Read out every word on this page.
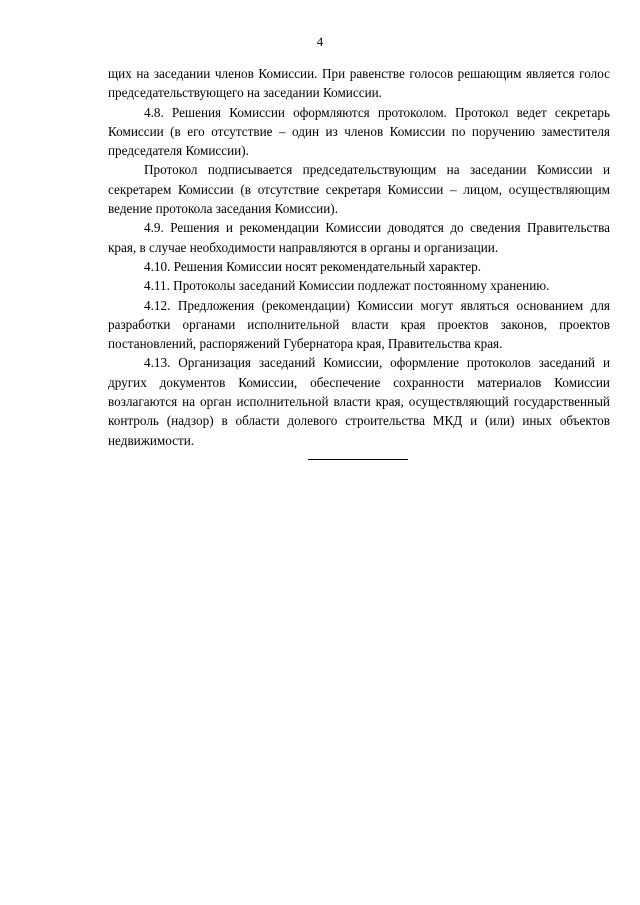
4

щих на заседании членов Комиссии. При равенстве голосов решающим является голос председательствующего на заседании Комиссии.

4.8. Решения Комиссии оформляются протоколом. Протокол ведет секретарь Комиссии (в его отсутствие – один из членов Комиссии по поручению заместителя председателя Комиссии).

Протокол подписывается председательствующим на заседании Комиссии и секретарем Комиссии (в отсутствие секретаря Комиссии – лицом, осуществляющим ведение протокола заседания Комиссии).

4.9. Решения и рекомендации Комиссии доводятся до сведения Правительства края, в случае необходимости направляются в органы и организации.

4.10. Решения Комиссии носят рекомендательный характер.

4.11. Протоколы заседаний Комиссии подлежат постоянному хранению.

4.12. Предложения (рекомендации) Комиссии могут являться основанием для разработки органами исполнительной власти края проектов законов, проектов постановлений, распоряжений Губернатора края, Правительства края.

4.13. Организация заседаний Комиссии, оформление протоколов заседаний и других документов Комиссии, обеспечение сохранности материалов Комиссии возлагаются на орган исполнительной власти края, осуществляющий государственный контроль (надзор) в области долевого строительства МКД и (или) иных объектов недвижимости.
